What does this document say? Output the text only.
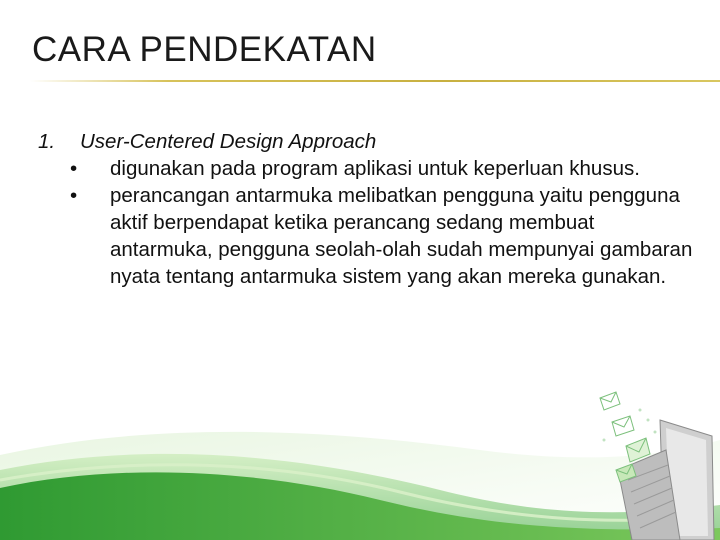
CARA PENDEKATAN
1.	User-Centered Design Approach
•	digunakan pada program aplikasi untuk keperluan khusus.
•	perancangan antarmuka melibatkan pengguna yaitu pengguna aktif berpendapat ketika perancang sedang membuat antarmuka, pengguna seolah-olah sudah mempunyai gambaran nyata tentang antarmuka sistem yang akan mereka gunakan.
